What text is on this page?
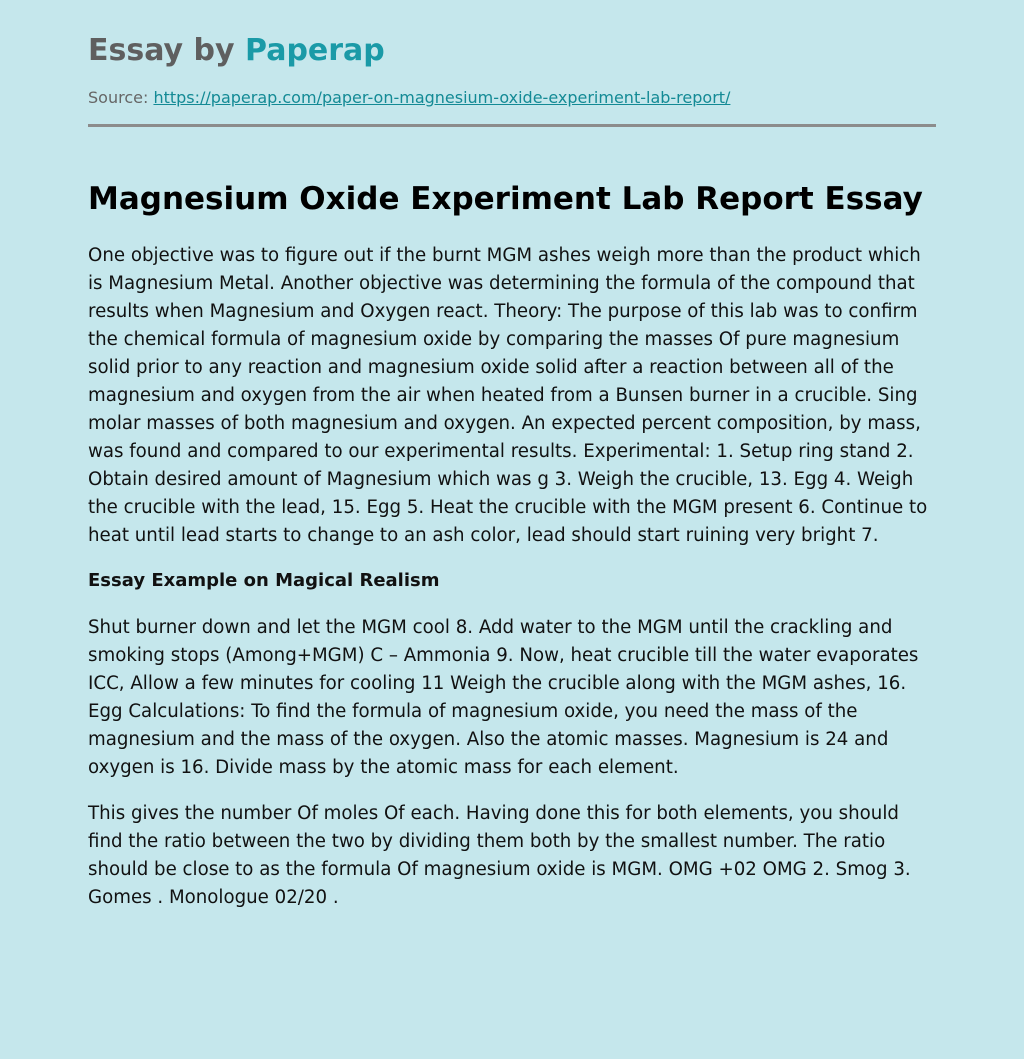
Essay by Paperap
Source: https://paperap.com/paper-on-magnesium-oxide-experiment-lab-report/
Magnesium Oxide Experiment Lab Report Essay

One objective was to figure out if the burnt MGM ashes weigh more than the product which is Magnesium Metal. Another objective was determining the formula of the compound that results when Magnesium and Oxygen react. Theory: The purpose of this lab was to confirm the chemical formula of magnesium oxide by comparing the masses Of pure magnesium solid prior to any reaction and magnesium oxide solid after a reaction between all of the magnesium and oxygen from the air when heated from a Bunsen burner in a crucible. Sing molar masses of both magnesium and oxygen. An expected percent composition, by mass, was found and compared to our experimental results. Experimental: 1. Setup ring stand 2. Obtain desired amount of Magnesium which was g 3. Weigh the crucible, 13. Egg 4. Weigh the crucible with the lead, 15. Egg 5. Heat the crucible with the MGM present 6. Continue to heat until lead starts to change to an ash color, lead should start ruining very bright 7.

Essay Example on Magical Realism

Shut burner down and let the MGM cool 8. Add water to the MGM until the crackling and smoking stops (Among+MGM) C – Ammonia 9. Now, heat crucible till the water evaporates ICC, Allow a few minutes for cooling 11 Weigh the crucible along with the MGM ashes, 16. Egg Calculations: To find the formula of magnesium oxide, you need the mass of the magnesium and the mass of the oxygen. Also the atomic masses. Magnesium is 24 and oxygen is 16. Divide mass by the atomic mass for each element.

This gives the number Of moles Of each. Having done this for both elements, you should find the ratio between the two by dividing them both by the smallest number. The ratio should be close to as the formula Of magnesium oxide is MGM. OMG +02 OMG 2. Smog 3. Gomes . Monologue 02/20 .
